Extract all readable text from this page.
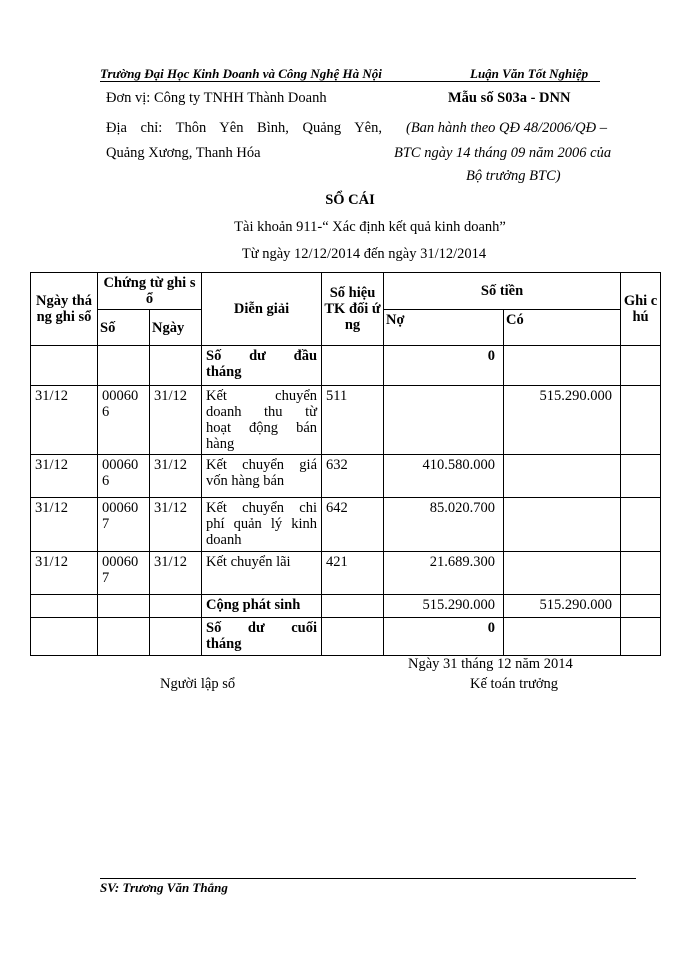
Trường Đại Học Kinh Doanh và Công Nghệ Hà Nội	Luận Văn Tốt Nghiệp
Đơn vị: Công ty TNHH Thành Doanh	Mẫu số S03a - DNN
Địa chỉ: Thôn Yên Bình, Quảng Yên,
Quảng Xương, Thanh Hóa
(Ban hành theo QĐ 48/2006/QĐ –
BTC ngày 14 tháng 09 năm 2006 của
Bộ trưởng BTC)
SỔ CÁI
Tài khoản 911-“ Xác định kết quả kinh doanh”
Từ ngày 12/12/2014 đến ngày 31/12/2014
Ngày tháng ghi sổ	Chứng từ ghi sổ		Diễn giải	Số hiệu TK đối ứng	Số tiền		Ghi chú
	Số	Ngày			Nợ	Có	

			Số dư đầu
tháng		0		
31/12	000606	31/12	Kết chuyển
doanh thu từ
hoạt động bán
hàng	511		515.290.000	
31/12	000606	31/12	Kết chuyển giá
vốn hàng bán	632	410.580.000		
31/12	000607	31/12	Kết chuyển chi
phí quản lý kinh
doanh	642	85.020.700		
31/12	000607	31/12	Kết chuyển lãi	421	21.689.300		
			Cộng phát sinh		515.290.000	515.290.000	

			Số dư cuối
tháng		0		
Ngày 31 tháng 12 năm 2014
Người lập sổ	Kế toán trưởng
SV: Trương Văn Thắng
